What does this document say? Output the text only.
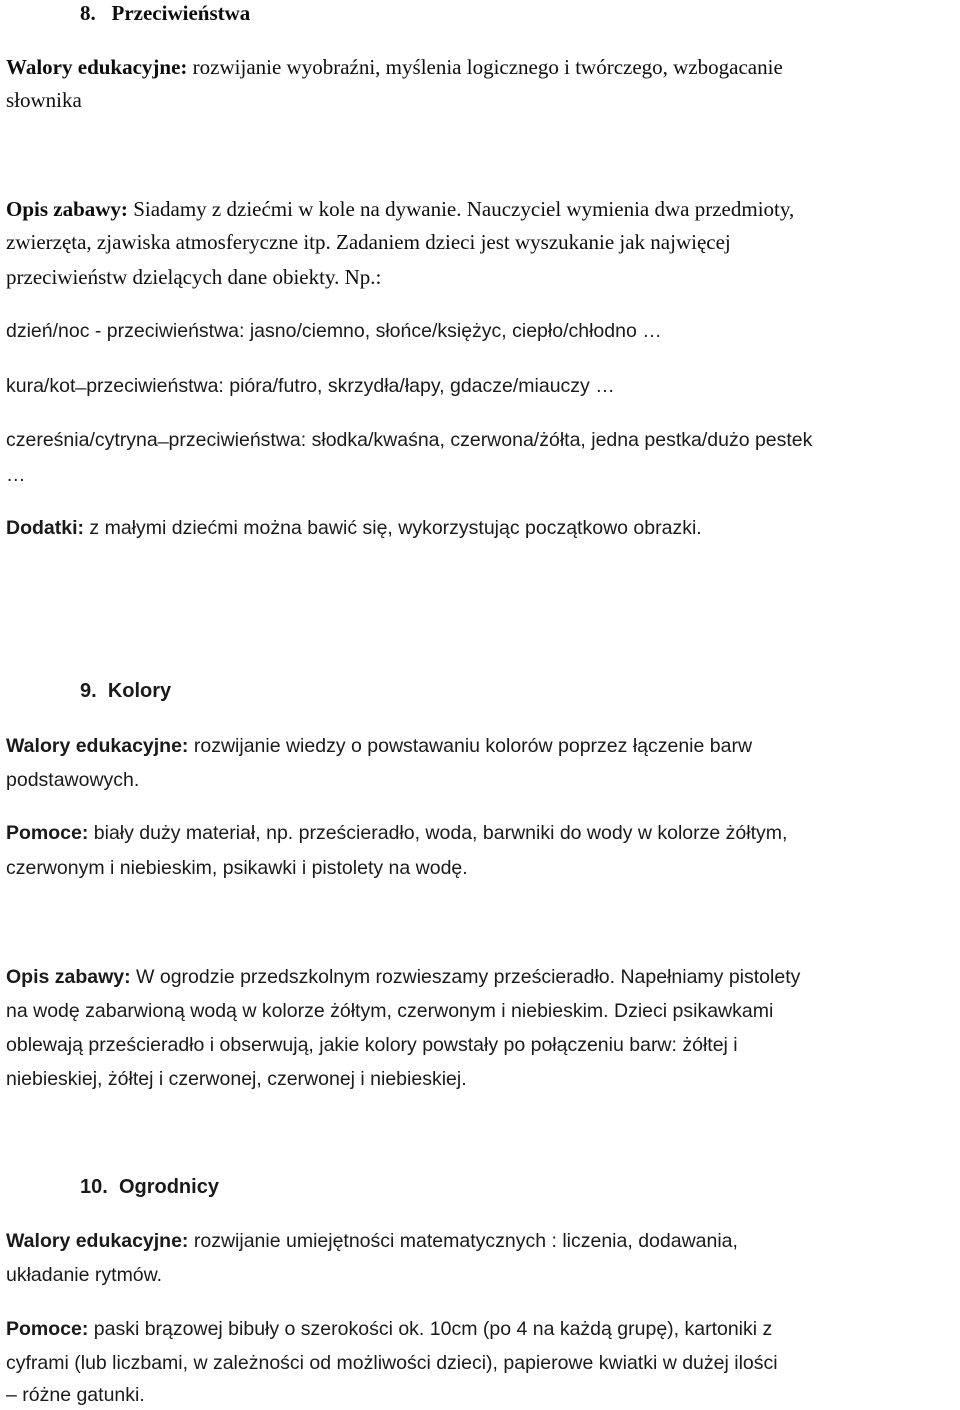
8. Przeciwieństwa
Walory edukacyjne: rozwijanie wyobraźni, myślenia logicznego i twórczego, wzbogacanie
słownika
Opis zabawy: Siadamy z dziećmi w kole na dywanie. Nauczyciel wymienia dwa przedmioty,
zwierzęta, zjawiska atmosferyczne itp. Zadaniem dzieci jest wyszukanie jak najwięcej
przeciwieństw dzielących dane obiekty. Np.:
dzień/noc - przeciwieństwa: jasno/ciemno, słońce/księżyc, ciepło/chłodno …
kura/kot ̶ przeciwieństwa: pióra/futro, skrzydła/łapy, gdacze/miauczy …
czereśnia/cytryna ̶ przeciwieństwa: słodka/kwaśna, czerwona/żółta, jedna pestka/dużo pestek
…
Dodatki: z małymi dziećmi można bawić się, wykorzystując początkowo obrazki.
9. Kolory
Walory edukacyjne: rozwijanie wiedzy o powstawaniu kolorów poprzez łączenie barw
podstawowych.
Pomoce: biały duży materiał, np. prześcieradło, woda, barwniki do wody w kolorze żółtym,
czerwonym i niebieskim, psikawki i pistolety na wodę.
Opis zabawy: W ogrodzie przedszkolnym rozwieszamy prześcieradło. Napełniamy pistolety
na wodę zabarwioną wodą w kolorze żółtym, czerwonym i niebieskim. Dzieci psikawkami
oblewają prześcieradło i obserwują, jakie kolory powstały po połączeniu barw: żółtej i
niebieskiej, żółtej i czerwonej, czerwonej i niebieskiej.
10. Ogrodnicy
Walory edukacyjne: rozwijanie umiejętności matematycznych : liczenia, dodawania,
układanie rytmów.
Pomoce: paski brązowej bibuły o szerokości ok. 10cm (po 4 na każdą grupę), kartoniki z
cyframi (lub liczbami, w zależności od możliwości dzieci), papierowe kwiatki w dużej ilości
– różne gatunki.
